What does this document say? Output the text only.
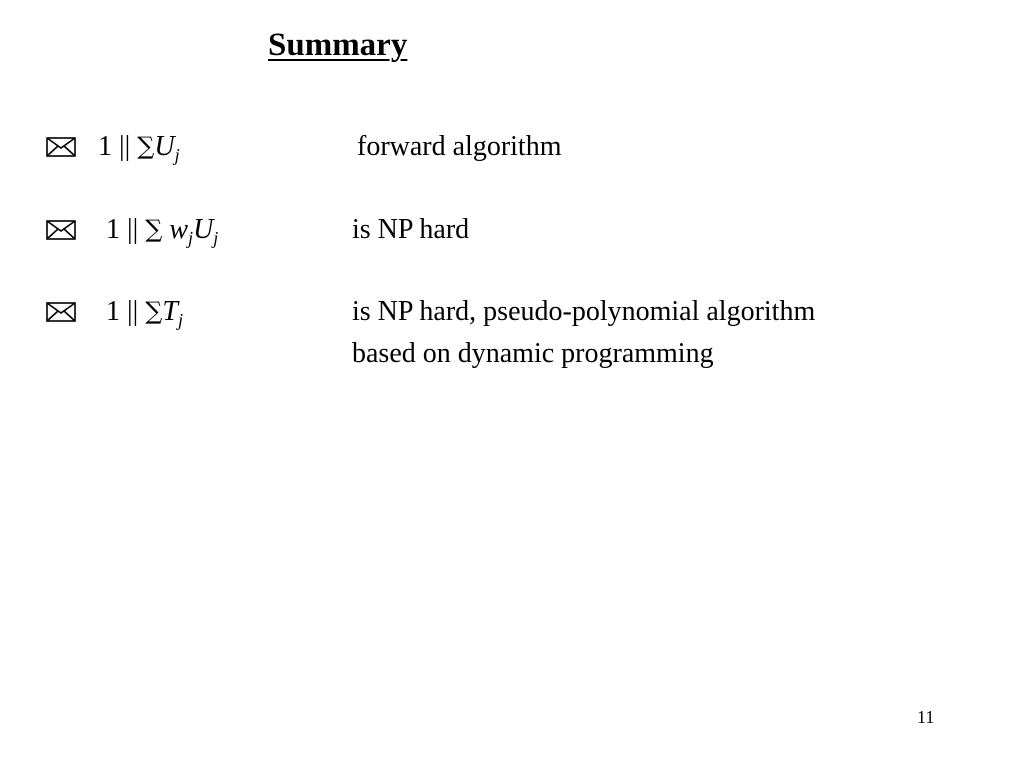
Summary
1 || $\sum U_j$	forward algorithm
1 || ∑ $w_jU_j$	is NP hard
1 || $\sum T_j$	is NP hard, pseudo-polynomial algorithm
based on dynamic programming
11
